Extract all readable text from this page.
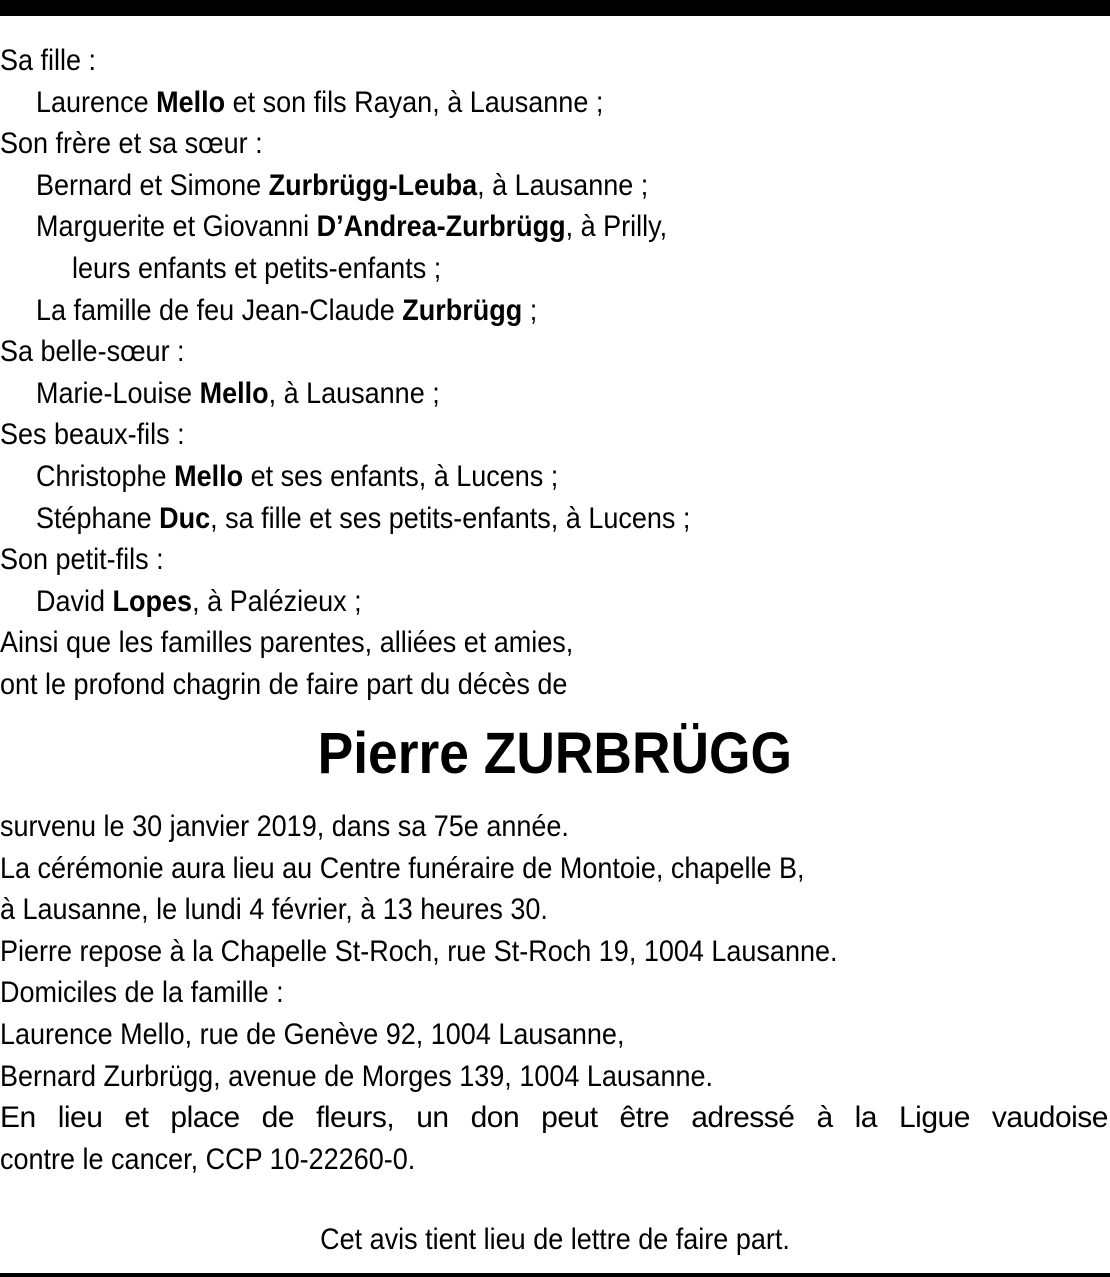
Sa fille :
Laurence Mello et son fils Rayan, à Lausanne ;
Son frère et sa sœur :
Bernard et Simone Zurbrügg-Leuba, à Lausanne ;
Marguerite et Giovanni D’Andrea-Zurbrügg, à Prilly,
leurs enfants et petits-enfants ;
La famille de feu Jean-Claude Zurbrügg ;
Sa belle-sœur :
Marie-Louise Mello, à Lausanne ;
Ses beaux-fils :
Christophe Mello et ses enfants, à Lucens ;
Stéphane Duc, sa fille et ses petits-enfants, à Lucens ;
Son petit-fils :
David Lopes, à Palézieux ;
Ainsi que les familles parentes, alliées et amies,
ont le profond chagrin de faire part du décès de
Pierre ZURBRÜGG
survenu le 30 janvier 2019, dans sa 75e année.
La cérémonie aura lieu au Centre funéraire de Montoie, chapelle B,
à Lausanne, le lundi 4 février, à 13 heures 30.
Pierre repose à la Chapelle St-Roch, rue St-Roch 19, 1004 Lausanne.
Domiciles de la famille :
Laurence Mello, rue de Genève 92, 1004 Lausanne,
Bernard Zurbrügg, avenue de Morges 139, 1004 Lausanne.
En lieu et place de fleurs, un don peut être adressé à la Ligue vaudoise
contre le cancer, CCP 10-22260-0.
Cet avis tient lieu de lettre de faire part.
